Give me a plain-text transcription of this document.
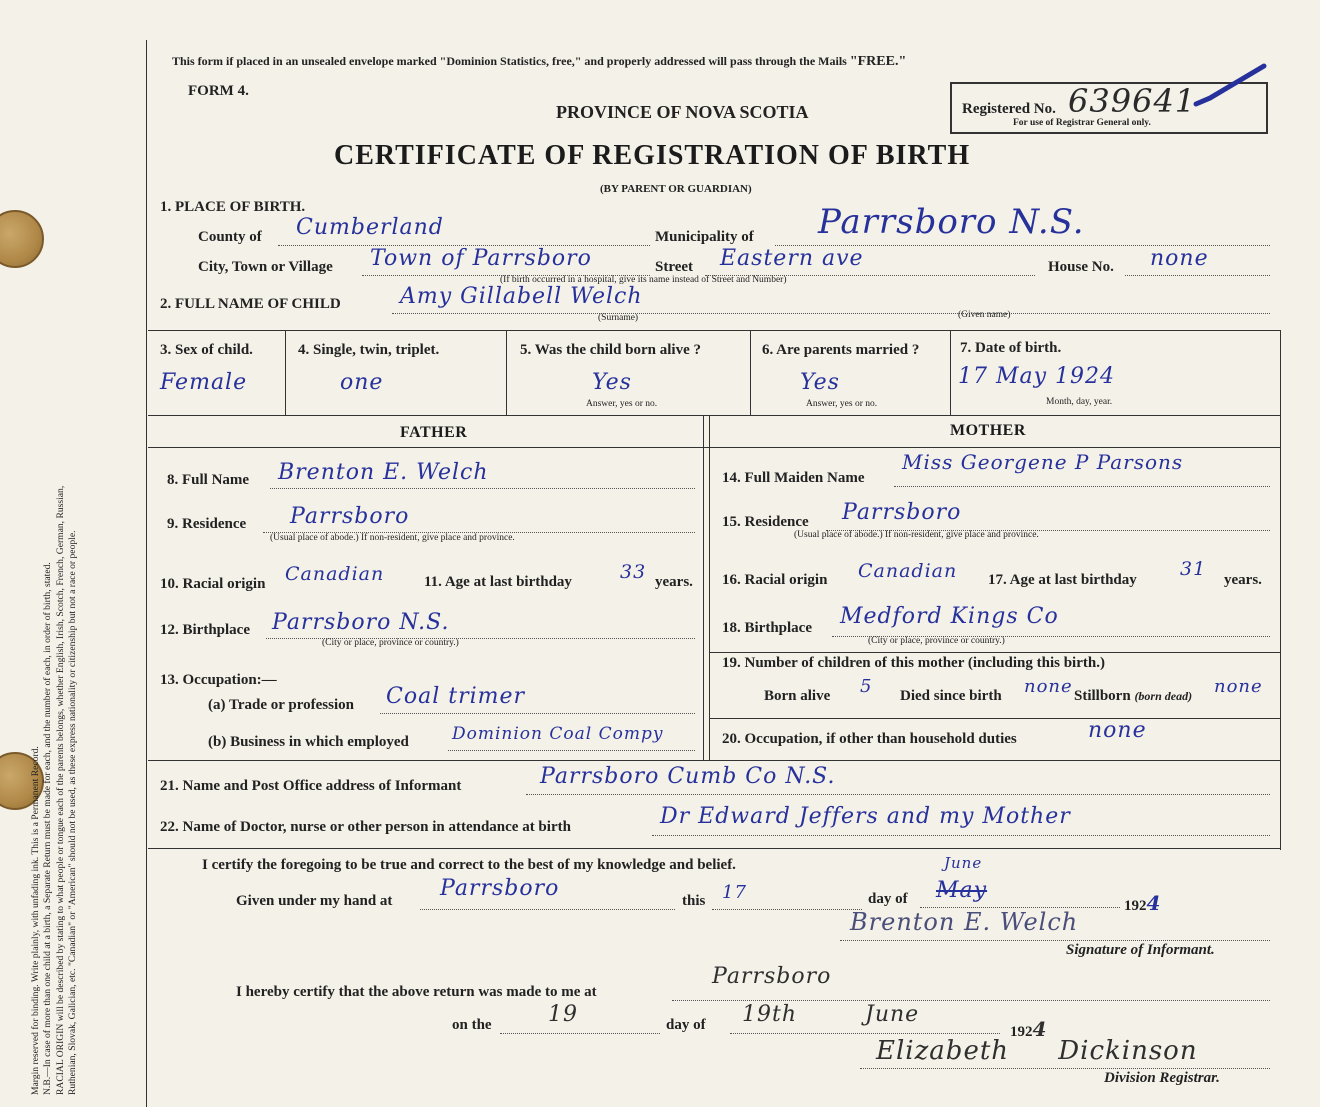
Margin reserved for binding. Write plainly, with unfading ink. This is a Permanent Record. N.B.—In case of more than one child at a birth, a Separate Return must be made for each, and the number of each, in order of birth, stated. RACIAL ORIGIN will be described by stating to what people or tongue each of the parents belongs, whether English, Irish, Scotch, French, German, Russian, Ruthenian, Slovak, Galician, etc. "Canadian" or "American" should not be used, as these express nationality or citizenship but not a race or people.
This form if placed in an unsealed envelope marked "Dominion Statistics, free," and properly addressed will pass through the Mails "FREE."
FORM 4.
PROVINCE OF NOVA SCOTIA
CERTIFICATE OF REGISTRATION OF BIRTH
(BY PARENT OR GUARDIAN)
Registered No. 639641
For use of Registrar General only.
1. PLACE OF BIRTH.
County of Cumberland	Municipality of Parrsboro N.S.
City, Town or Village Town of Parrsboro	Street Eastern ave
(If birth occurred in a hospital, give its name instead of Street and Number)
House No. none
2. FULL NAME OF CHILD	Amy Gillabell Welch
(Surname)	(Given name)
3. Sex of child.
Female
4. Single, twin, triplet.
one
5. Was the child born alive ?
Yes
Answer, yes or no.
6. Are parents married ?
Yes
Answer, yes or no.
7. Date of birth.
17 May 1924
Month, day, year.
FATHER	MOTHER
8. Full Name Brenton E. Welch
9. Residence Parrsboro
(Usual place of abode.) If non-resident, give place and province.
10. Racial origin Canadian	11. Age at last birthday	33 years.
12. Birthplace Parrsboro N.S.
(City or place, province or country.)
13. Occupation:—
(a) Trade or profession Coal trimer
(b) Business in which employed	Dominion Coal Compy
14. Full Maiden Name
Miss Georgene P Parsons
15. Residence Parrsboro
(Usual place of abode.) If non-resident, give place and province.
16. Racial origin Canadian 17. Age at last birthday 31 years.
18. Birthplace Medford Kings Co
(City or place, province or country.)
19. Number of children of this mother (including this birth.)
Born alive 5 Died since birth none Stillborn (born dead) none
20. Occupation, if other than household duties	none
21. Name and Post Office address of Informant	Parrsboro Cumb Co N.S.
22. Name of Doctor, nurse or other person in attendance at birth	Dr Edward Jeffers and my Mother
I certify the foregoing to be true and correct to the best of my knowledge and belief.
Given under my hand at Parrsboro	this 17	day of
June
May
1924
Brenton E. Welch
Signature of Informant.
I hereby certify that the above return was made to me at
Parrsboro
on the	19	day of 19th June
1924
Elizabeth Dickinson
Division Registrar.
